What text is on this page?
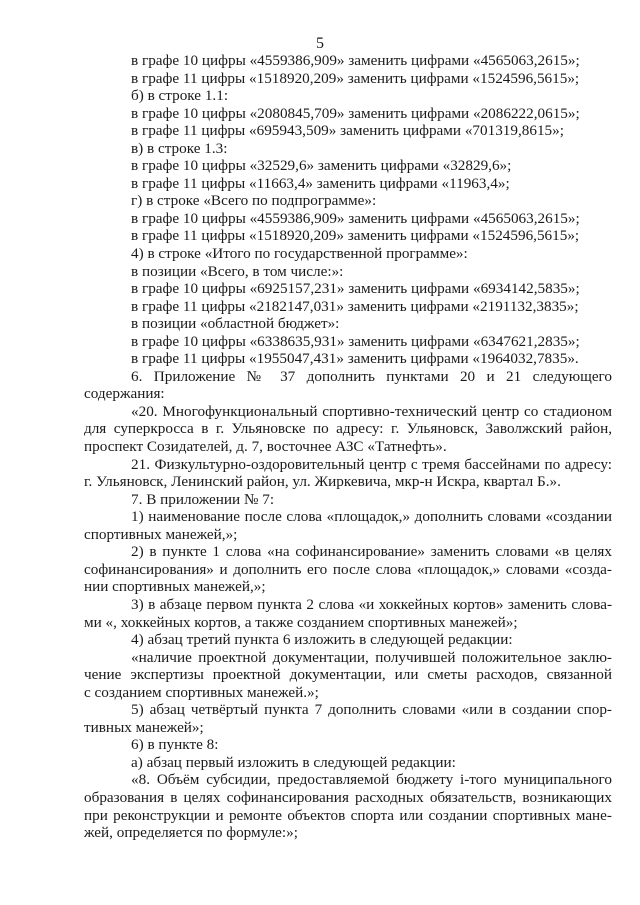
5
в графе 10 цифры «4559386,909» заменить цифрами «4565063,2615»;
в графе 11 цифры «1518920,209» заменить цифрами «1524596,5615»;
б) в строке 1.1:
в графе 10 цифры «2080845,709» заменить цифрами «2086222,0615»;
в графе 11 цифры «695943,509» заменить цифрами «701319,8615»;
в) в строке 1.3:
в графе 10 цифры «32529,6» заменить цифрами «32829,6»;
в графе 11 цифры «11663,4» заменить цифрами «11963,4»;
г) в строке «Всего по подпрограмме»:
в графе 10 цифры «4559386,909» заменить цифрами «4565063,2615»;
в графе 11 цифры «1518920,209» заменить цифрами «1524596,5615»;
4) в строке «Итого по государственной программе»:
в позиции «Всего, в том числе:»:
в графе 10 цифры «6925157,231» заменить цифрами «6934142,5835»;
в графе 11 цифры «2182147,031» заменить цифрами «2191132,3835»;
в позиции «областной бюджет»:
в графе 10 цифры «6338635,931» заменить цифрами «6347621,2835»;
в графе 11 цифры «1955047,431» заменить цифрами «1964032,7835».
6. Приложение № 37 дополнить пунктами 20 и 21 следующего
содержания:
«20. Многофункциональный спортивно-технический центр со стадионом
для суперкросса в г. Ульяновске по адресу: г. Ульяновск, Заволжский район,
проспект Созидателей, д. 7, восточнее АЗС «Татнефть».
21. Физкультурно-оздоровительный центр с тремя бассейнами по адресу:
г. Ульяновск, Ленинский район, ул. Жиркевича, мкр-н Искра, квартал Б.».
7. В приложении № 7:
1) наименование после слова «площадок,» дополнить словами «создании
спортивных манежей,»;
2) в пункте 1 слова «на софинансирование» заменить словами «в целях
софинансирования» и дополнить его после слова «площадок,» словами «созда-
нии спортивных манежей,»;
3) в абзаце первом пункта 2 слова «и хоккейных кортов» заменить слова-
ми «, хоккейных кортов, а также созданием спортивных манежей»;
4) абзац третий пункта 6 изложить в следующей редакции:
«наличие проектной документации, получившей положительное заклю-
чение экспертизы проектной документации, или сметы расходов, связанной
с созданием спортивных манежей.»;
5) абзац четвёртый пункта 7 дополнить словами «или в создании спор-
тивных манежей»;
6) в пункте 8:
а) абзац первый изложить в следующей редакции:
«8. Объём субсидии, предоставляемой бюджету i-того муниципального
образования в целях софинансирования расходных обязательств, возникающих
при реконструкции и ремонте объектов спорта или создании спортивных мане-
жей, определяется по формуле:»;
